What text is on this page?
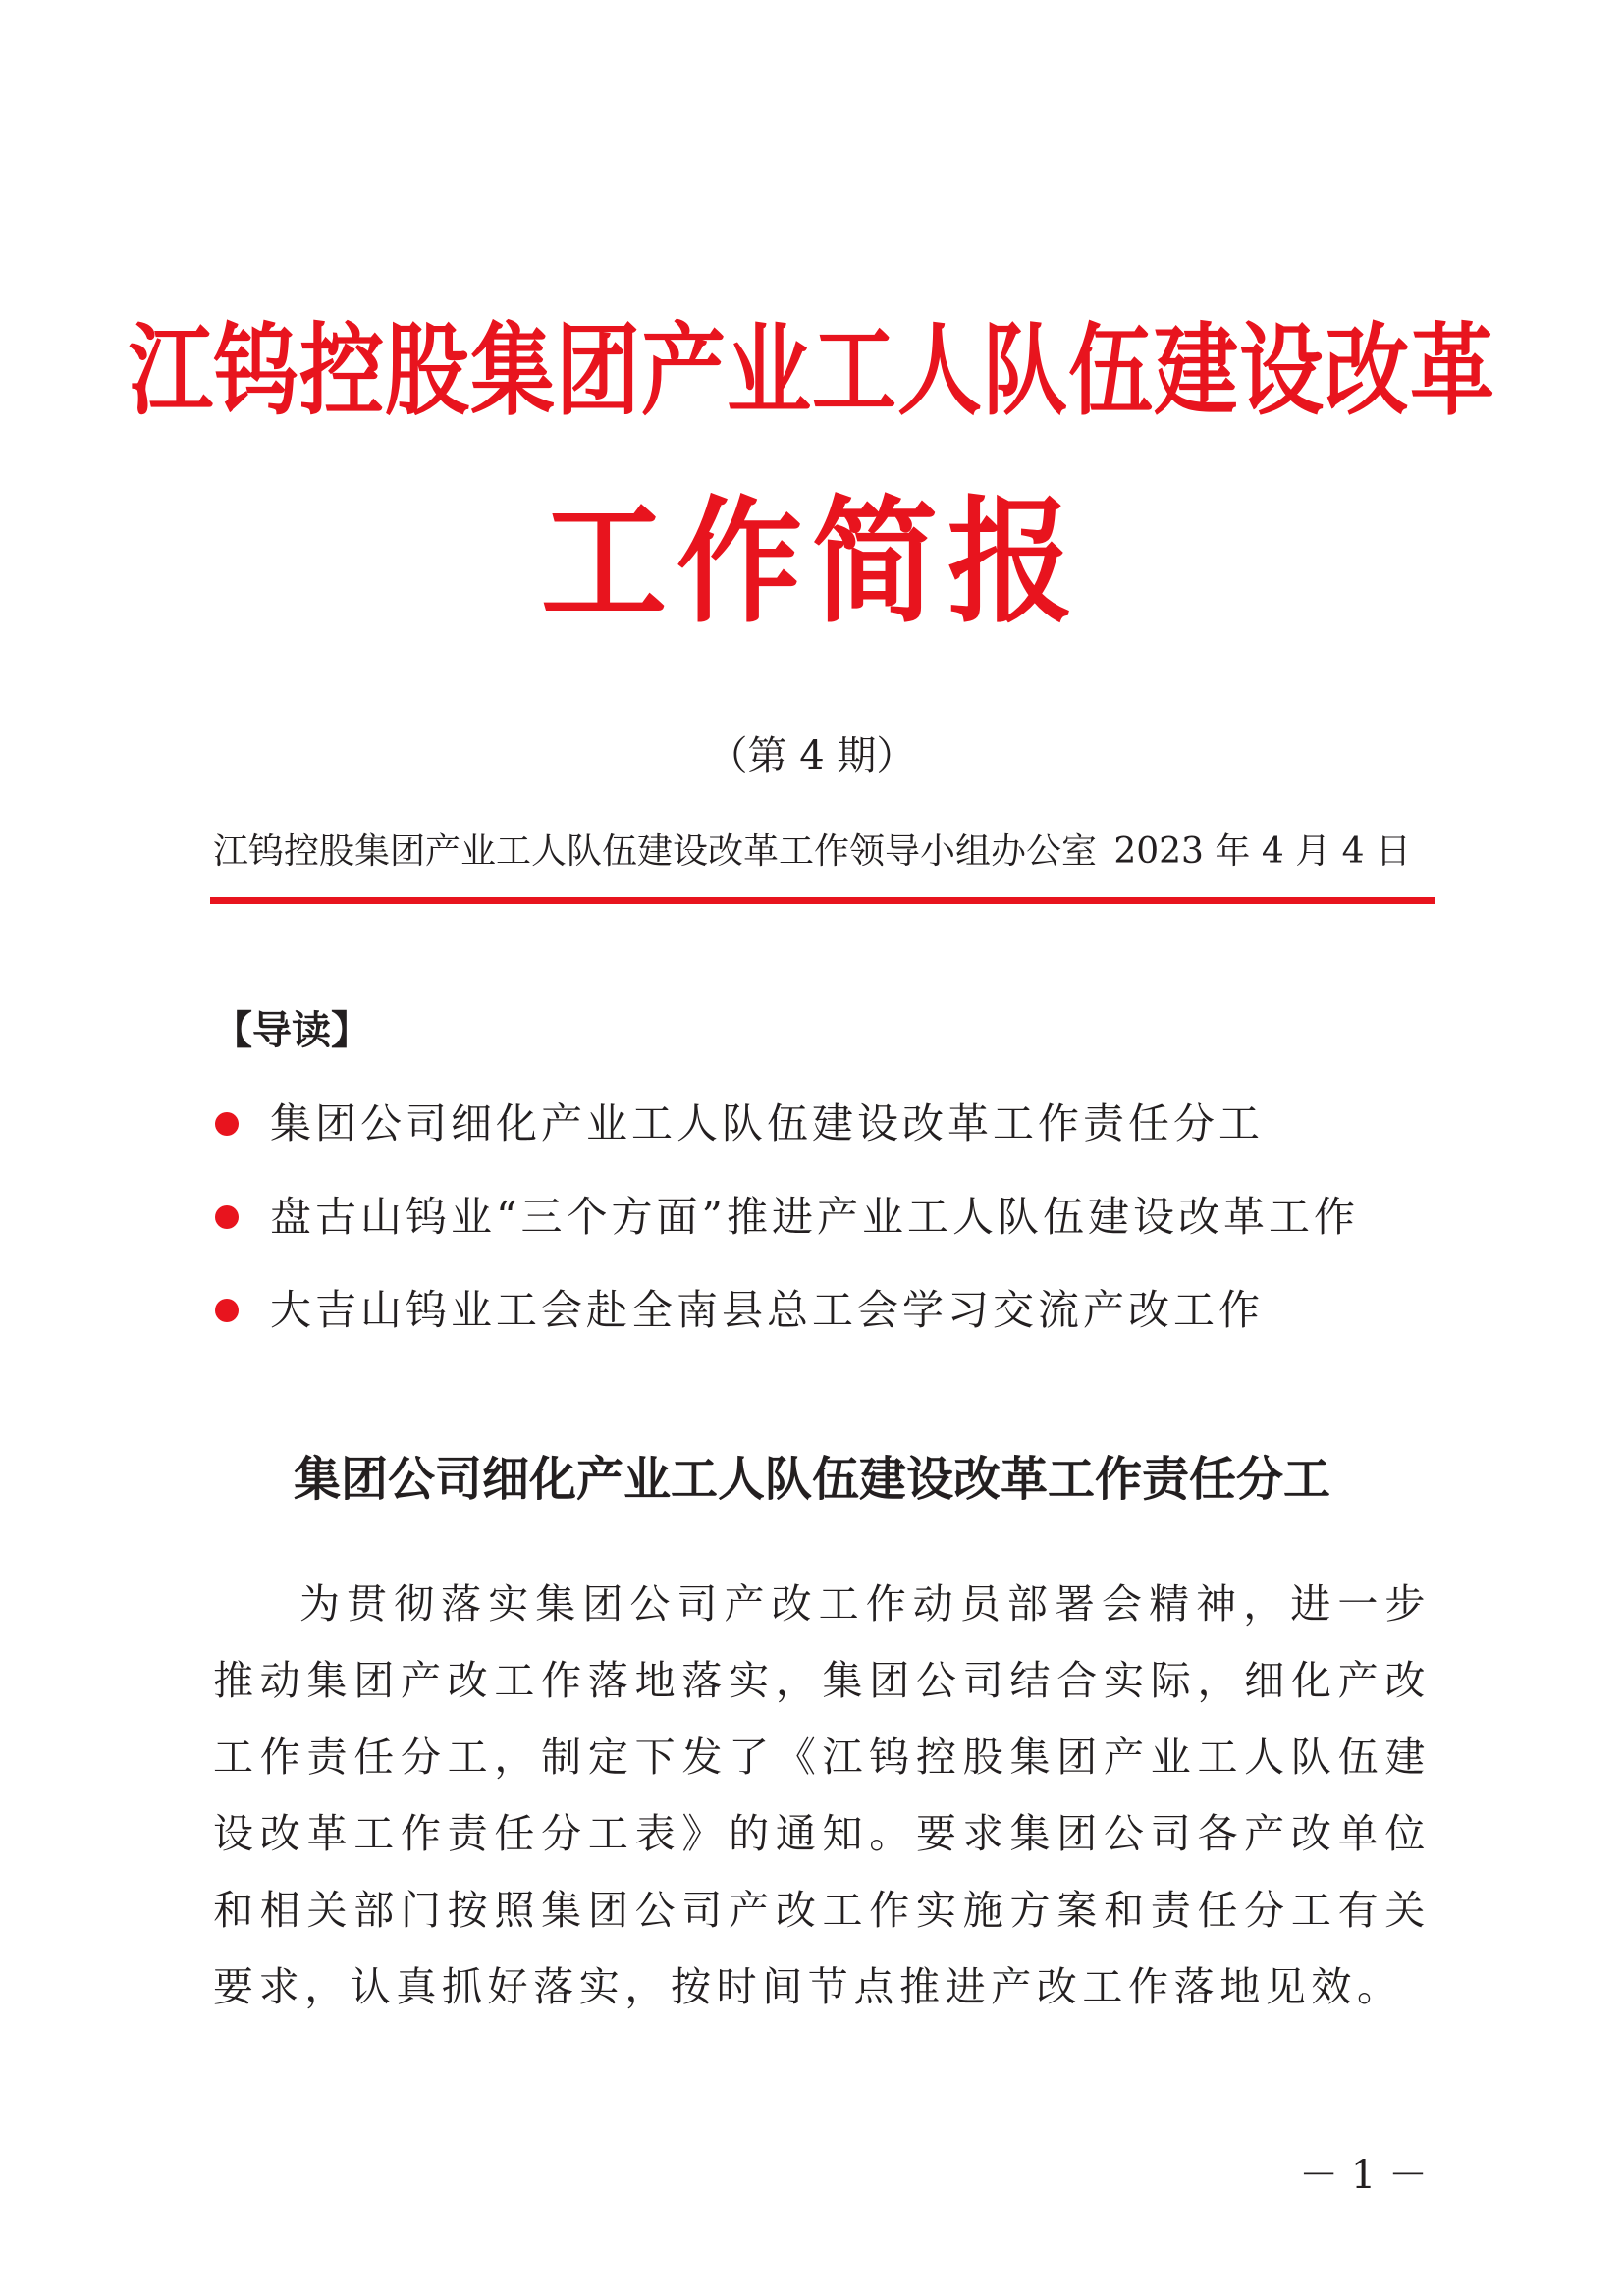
江钨控股集团产业工人队伍建设改革
工作简报
（第 4 期）
江钨控股集团产业工人队伍建设改革工作领导小组办公室 2023 年 4 月 4 日
【导读】
集团公司细化产业工人队伍建设改革工作责任分工
盘古山钨业“三个方面”推进产业工人队伍建设改革工作
大吉山钨业工会赴全南县总工会学习交流产改工作
集团公司细化产业工人队伍建设改革工作责任分工

为贯彻落实集团公司产改工作动员部署会精神，进一步推动集团产改工作落地落实，集团公司结合实际，细化产改工作责任分工，制定下发了《江钨控股集团产业工人队伍建设改革工作责任分工表》的通知。要求集团公司各产改单位和相关部门按照集团公司产改工作实施方案和责任分工有关要求，认真抓好落实，按时间节点推进产改工作落地见效。

－ 1 －
